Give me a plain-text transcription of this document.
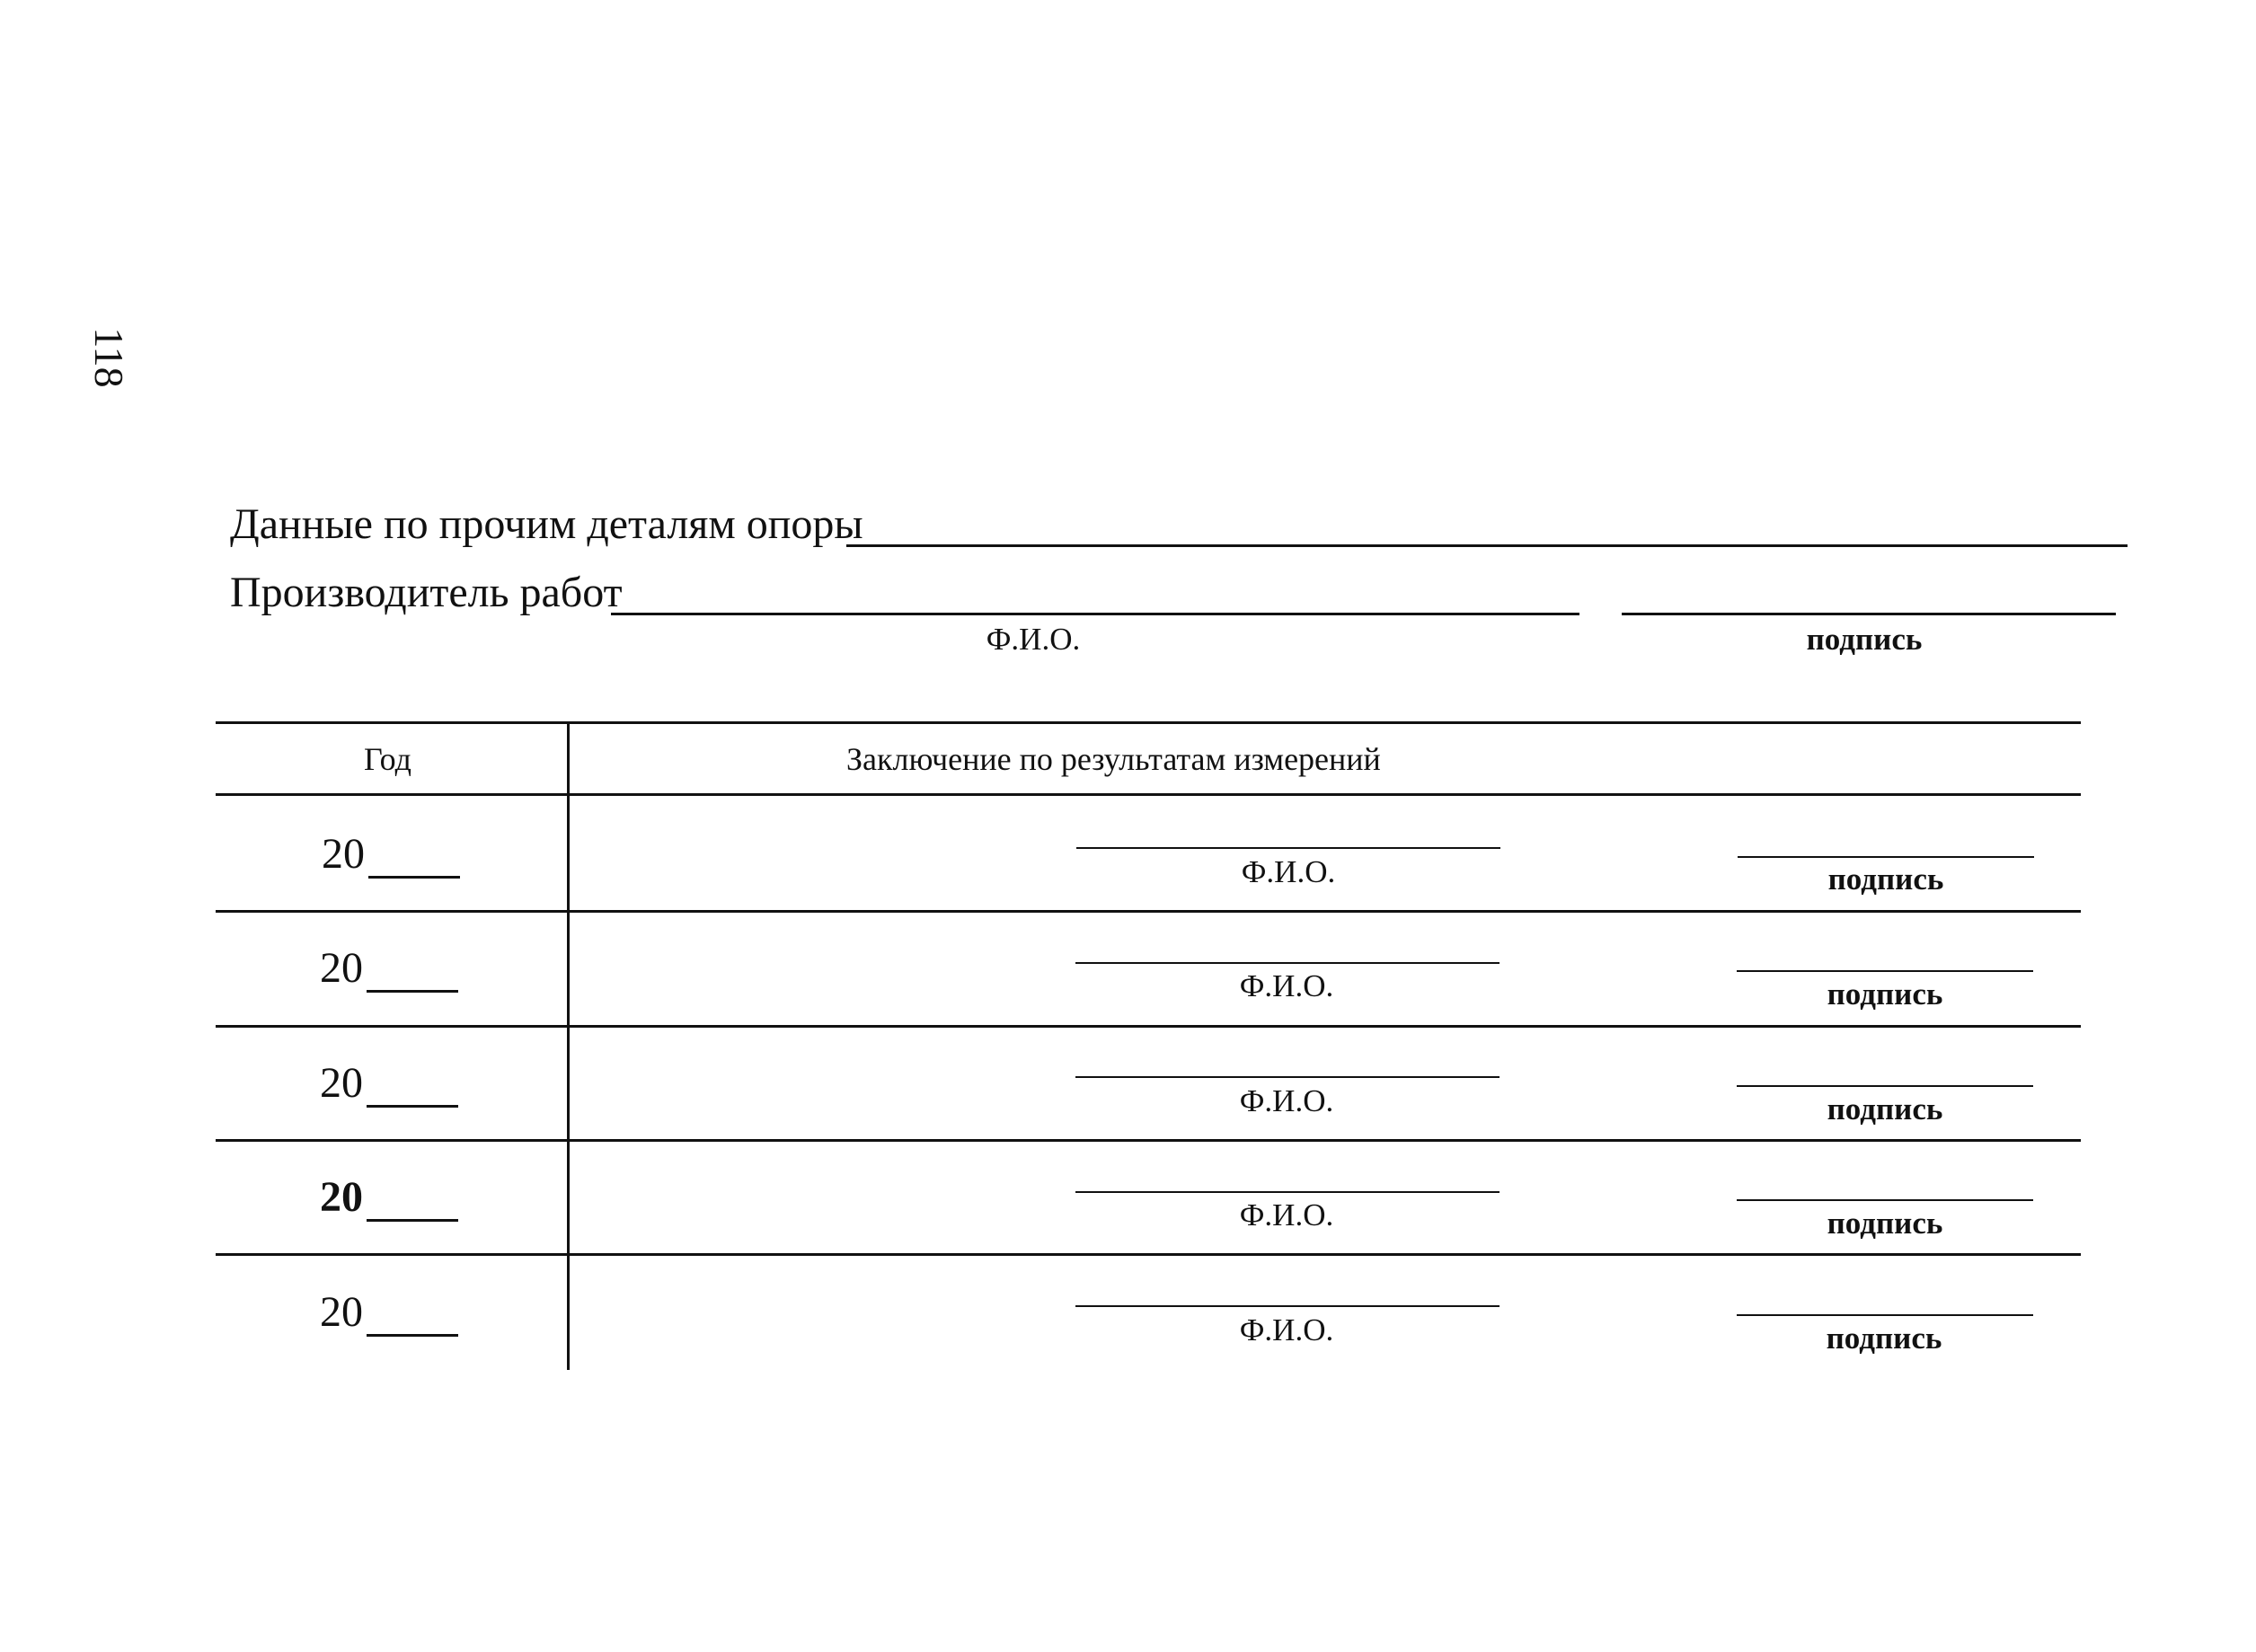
118
Данные по прочим деталям опоры
Производитель работ
Ф.И.О.	подпись
Год	Заключение по результатам измерений
20	Ф.И.О.	подпись
20	Ф.И.О.	подпись
20	Ф.И.О.	подпись
20	Ф.И.О.	подпись
20	Ф.И.О.	подпись
